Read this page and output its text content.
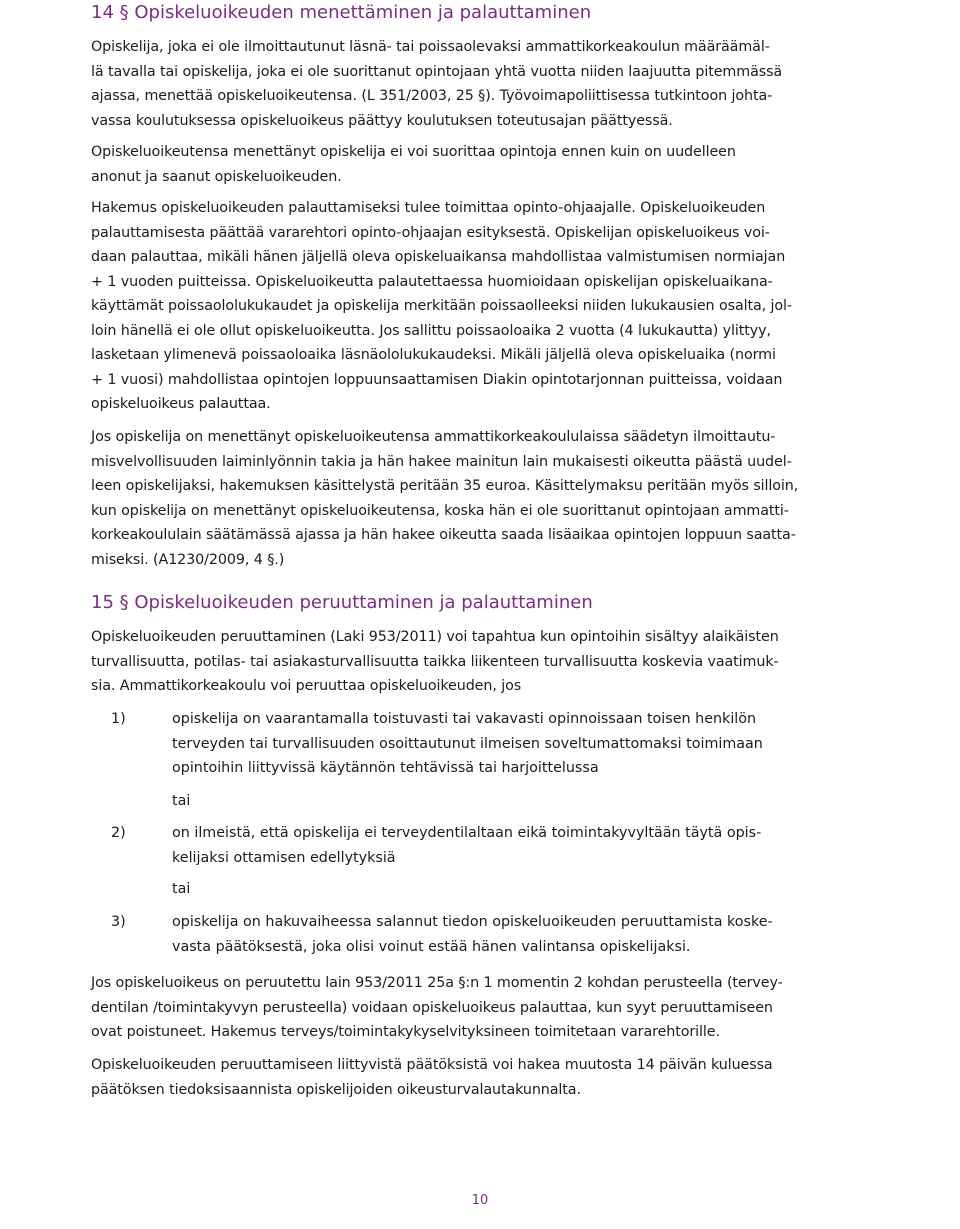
14 § Opiskeluoikeuden menettäminen ja palauttaminen

Opiskelija, joka ei ole ilmoittautunut läsnä- tai poissaolevaksi ammattikorkeakoulun määräämäl-
lä tavalla tai opiskelija, joka ei ole suorittanut opintojaan yhtä vuotta niiden laajuutta pitemmässä
ajassa, menettää opiskeluoikeutensa. (L 351/2003, 25 §). Työvoimapoliittisessa tutkintoon johta-
vassa koulutuksessa opiskeluoikeus päättyy koulutuksen toteutusajan päättyessä.

Opiskeluoikeutensa menettänyt opiskelija ei voi suorittaa opintoja ennen kuin on uudelleen
anonut ja saanut opiskeluoikeuden.

Hakemus opiskeluoikeuden palauttamiseksi tulee toimittaa opinto-ohjaajalle. Opiskeluoikeuden
palauttamisesta päättää vararehtori opinto-ohjaajan esityksestä. Opiskelijan opiskeluoikeus voi-
daan palauttaa, mikäli hänen jäljellä oleva opiskeluaikansa mahdollistaa valmistumisen normiajan
+ 1 vuoden puitteissa. Opiskeluoikeutta palautettaessa huomioidaan opiskelijan opiskeluaikana-
käyttämät poissaololukukaudet ja opiskelija merkitään poissaolleeksi niiden lukukausien osalta, jol-
loin hänellä ei ole ollut opiskeluoikeutta. Jos sallittu poissaoloaika 2 vuotta (4 lukukautta) ylittyy,
lasketaan ylimenevä poissaoloaika läsnäololukukaudeksi. Mikäli jäljellä oleva opiskeluaika (normi
+ 1 vuosi) mahdollistaa opintojen loppuunsaattamisen Diakin opintotarjonnan puitteissa, voidaan
opiskeluoikeus palauttaa.

Jos opiskelija on menettänyt opiskeluoikeutensa ammattikorkeakoululaissa säädetyn ilmoittautu-
misvelvollisuuden laiminlyönnin takia ja hän hakee mainitun lain mukaisesti oikeutta päästä uudel-
leen opiskelijaksi, hakemuksen käsittelystä peritään 35 euroa. Käsittelymaksu peritään myös silloin,
kun opiskelija on menettänyt opiskeluoikeutensa, koska hän ei ole suorittanut opintojaan ammatti-
korkeakoululain säätämässä ajassa ja hän hakee oikeutta saada lisäaikaa opintojen loppuun saatta-
miseksi. (A1230/2009, 4 §.)

15 § Opiskeluoikeuden peruuttaminen ja palauttaminen

Opiskeluoikeuden peruuttaminen (Laki 953/2011) voi tapahtua kun opintoihin sisältyy alaikäisten
turvallisuutta, potilas- tai asiakasturvallisuutta taikka liikenteen turvallisuutta koskevia vaatimuk-
sia. Ammattikorkeakoulu voi peruuttaa opiskeluoikeuden, jos

1)	opiskelija on vaarantamalla toistuvasti tai vakavasti opinnoissaan toisen henkilön
terveyden tai turvallisuuden osoittautunut ilmeisen soveltumattomaksi toimimaan
opintoihin liittyvissä käytännön tehtävissä tai harjoittelussa
tai
2)	on ilmeistä, että opiskelija ei terveydentilaltaan eikä toimintakyvyltään täytä opis-
kelijaksi ottamisen edellytyksiä
tai
3)	opiskelija on hakuvaiheessa salannut tiedon opiskeluoikeuden peruuttamista koske-
vasta päätöksestä, joka olisi voinut estää hänen valintansa opiskelijaksi.

Jos opiskeluoikeus on peruutettu lain 953/2011 25a §:n 1 momentin 2 kohdan perusteella (tervey-
dentilan /toimintakyvyn perusteella) voidaan opiskeluoikeus palauttaa, kun syyt peruuttamiseen
ovat poistuneet. Hakemus terveys/toimintakykyselvityksineen toimitetaan vararehtorille.

Opiskeluoikeuden peruuttamiseen liittyvistä päätöksistä voi hakea muutosta 14 päivän kuluessa
päätöksen tiedoksisaannista opiskelijoiden oikeusturvalautakunnalta.

10
